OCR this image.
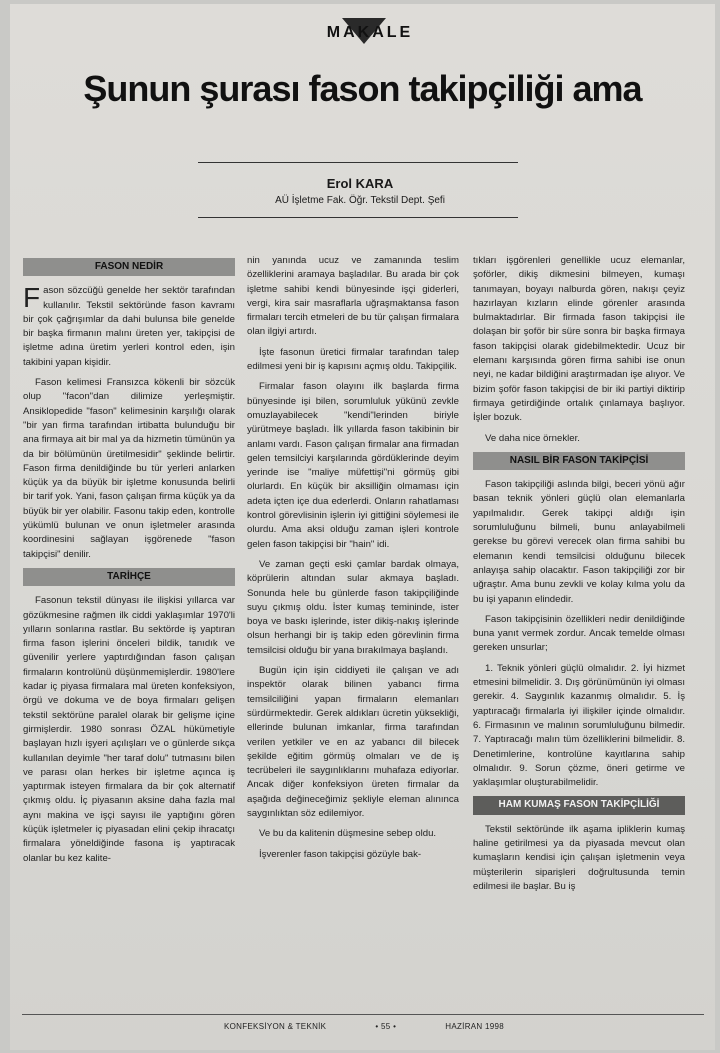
MAKALE
Şunun şurası fason takipçiliği ama
Erol KARA
AÜ İşletme Fak. Öğr. Tekstil Dept. Şefi
FASON NEDİR

Fason sözcüğü genelde her sektör tarafından kullanılır. Tekstil sektöründe fason kavramı bir çok çağrışımlar da dahi bulunsa bile genelde bir başka firmanın malını üreten yer, takipçisi de işletme adına üretim yerleri kontrol eden, işin takibini yapan kişidir.

Fason kelimesi Fransızca kökenli bir sözcük olup "facon"dan dilimize yerleşmiştir. Ansiklopedide "fason" kelimesinin karşılığı olarak "bir yan firma tarafından irtibatta bulunduğu bir ana firmaya ait bir mal ya da hizmetin tümünün ya da bir bölümünün üretilmesidir" şeklinde belirtir. Fason firma denildiğinde bu tür yerleri anlarken küçük ya da büyük bir işletme konusunda belirli bir tarif yok. Yani, fason çalışan firma küçük ya da büyük bir yer olabilir. Fasonu takip eden, kontrolle yükümlü bulunan ve onun işletmeler arasında koordinesini sağlayan işgörenede "fason takipçisi" denilir.

TARİHÇE

Fasonun tekstil dünyası ile ilişkisi yıllarca var gözükmesine rağmen ilk ciddi yaklaşımlar 1970'li yılların sonlarına rastlar. Bu sektörde iş yaptıran firma fason işlerini önceleri bildik, tanıdık ve güvenilir yerlere yaptırdığından fason çalışan firmaların kontrolünü düşünmemişlerdir. 1980'lere kadar iç piyasa firmalara mal üreten konfeksiyon, örgü ve dokuma ve de boya firmaları gelişen tekstil sektörüne paralel olarak bir gelişme içine girmişlerdir. 1980 sonrası ÖZAL hükümetiyle başlayan hızlı işyeri açılışları ve o günlerde sıkça kullanılan deyimle "her taraf dolu" tutmasını bilen ve parası olan herkes bir işletme açınca iş yaptırmak isteyen firmalara da bir çok alternatif çıkmış oldu. İç piyasanın aksine daha fazla mal aynı makina ve işçi sayısı ile yaptığını gören küçük işletmeler iç piyasadan elini çekip ihracatçı firmalara yöneldiğinde fasona iş yaptıracak olanlar bu kez kalite-

nin yanında ucuz ve zamanında teslim özelliklerini aramaya başladılar. Bu arada bir çok işletme sahibi kendi bünyesinde işçi giderleri, vergi, kira sair masraflarla uğraşmaktansa fason firmaları tercih etmeleri de bu tür çalışan firmalara olan ilgiyi artırdı.

İşte fasonun üretici firmalar tarafından talep edilmesi yeni bir iş kapısını açmış oldu. Takipçilik.

Firmalar fason olayını ilk başlarda firma bünyesinde işi bilen, sorumluluk yükünü zevkle omuzlayabilecek "kendi"lerinden biriyle yürütmeye başladı. İlk yıllarda fason takibinin bir anlamı vardı. Fason çalışan firmalar ana firmadan gelen temsilciyi karşılarında gördüklerinde deyim yerinde ise "maliye müfettişi"ni görmüş gibi olurlardı. En küçük bir aksilliğin olmaması için adeta içten içe dua ederlerdi. Onların rahatlaması kontrol görevlisinin işlerin iyi gittiğini söylemesi ile olurdu. Ama aksi olduğu zaman işleri kontrole gelen fason takipçisi bir "hain" idi.

Ve zaman geçti eski çamlar bardak olmaya, köprülerin altından sular akmaya başladı. Sonunda hele bu günlerde fason takipçiliğinde suyu çıkmış oldu. İster kumaş temininde, ister boya ve baskı işlerinde, ister dikiş-nakış işlerinde olsun herhangi bir iş takip eden görevlinin firma temsilcisi olduğu bir yana bırakılmaya başlandı.

Bugün için işin ciddiyeti ile çalışan ve adı inspektör olarak bilinen yabancı firma temsilciliğini yapan firmaların elemanları sürdürmektedir. Gerek aldıkları ücretin yüksekliği, ellerinde bulunan imkanlar, firma tarafından verilen yetkiler ve en az yabancı dil bilecek şekilde eğitim görmüş olmaları ve de iş tecrübeleri ile saygınlıklarını muhafaza ediyorlar. Ancak diğer konfeksiyon üreten firmalar da aşağıda değineceğimiz şekliyle eleman alınınca saygınlıktan söz edilemiyor.

Ve bu da kalitenin düşmesine sebep oldu.

İşverenler fason takipçisi gözüyle bak-

tıkları işgörenleri genellikle ucuz elemanlar, şoförler, dikiş dikmesini bilmeyen, kumaşı tanımayan, boyayı nalburda gören, nakışı çeyiz hazırlayan kızların elinde görenler arasında bulmaktadırlar. Bir firmada fason takipçisi ile dolaşan bir şoför bir süre sonra bir başka firmaya fason takipçisi olarak gidebilmektedir. Ucuz bir elemanı karşısında gören firma sahibi ise onun neyi, ne kadar bildiğini araştırmadan işe alıyor. Ve bizim şoför fason takipçisi de bir iki partiyi diktirip firmaya getirdiğinde ortalık çınlamaya başlıyor. İşler bozuk.

Ve daha nice örnekler.

NASIL BİR FASON TAKİPÇİSİ

Fason takipçiliği aslında bilgi, beceri yönü ağır basan teknik yönleri güçlü olan elemanlarla yapılmalıdır. Gerek takipçi aldığı işin sorumluluğunu bilmeli, bunu anlayabilmeli gerekse bu görevi verecek olan firma sahibi bu elemanın kendi temsilcisi olduğunu bilecek anlayışa sahip olacaktır. Fason takipçiliği zor bir uğraştır. Ama bunu zevkli ve kolay kılma yolu da bu işi yapanın elindedir.

Fason takipçisinin özellikleri nedir denildiğinde buna yanıt vermek zordur. Ancak temelde olması gereken unsurlar;

1. Teknik yönleri güçlü olmalıdır. 2. İyi hizmet etmesini bilmelidir. 3. Dış görünümünün iyi olması gerekir. 4. Saygınlık kazanmış olmalıdır. 5. İş yaptıracağı firmalarla iyi ilişkiler içinde olmalıdır. 6. Firmasının ve malının sorumluluğunu bilmedir. 7. Yaptıracağı malın tüm özelliklerini bilmelidir. 8. Denetimlerine, kontrolüne kayıtlarına sahip olmalıdır. 9. Sorun çözme, öneri getirme ve yaklaşımlar oluşturabilmelidir.

HAM KUMAŞ FASON TAKİPÇİLİĞİ

Tekstil sektöründe ilk aşama ipliklerin kumaş haline getirilmesi ya da piyasada mevcut olan kumaşların kendisi için çalışan işletmenin veya müşterilerin siparişleri doğrultusunda temin edilmesi ile başlar. Bu iş

KONFEKSİYON & TEKNİK	• 55 •	HAZİRAN 1998
